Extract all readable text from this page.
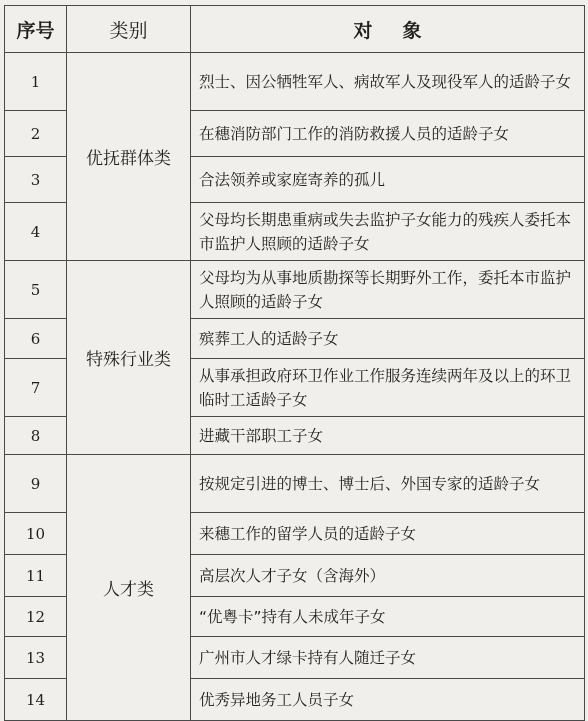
序号	类别	对象
1	优抚群体类	烈士、因公牺牲军人、病故军人及现役军人的适龄子女
2		在穗消防部门工作的消防救援人员的适龄子女
3		合法领养或家庭寄养的孤儿
4		父母均长期患重病或失去监护子女能力的残疾人委托本市监护人照顾的适龄子女
5	特殊行业类	父母均为从事地质勘探等长期野外工作，委托本市监护人照顾的适龄子女
6		殡葬工人的适龄子女
7		从事承担政府环卫作业工作服务连续两年及以上的环卫临时工适龄子女
8		进藏干部职工子女
9	人才类	按规定引进的博士、博士后、外国专家的适龄子女
10		来穗工作的留学人员的适龄子女
11		高层次人才子女（含海外）
12		“优粤卡”持有人未成年子女
13		广州市人才绿卡持有人随迁子女
14		优秀异地务工人员子女
